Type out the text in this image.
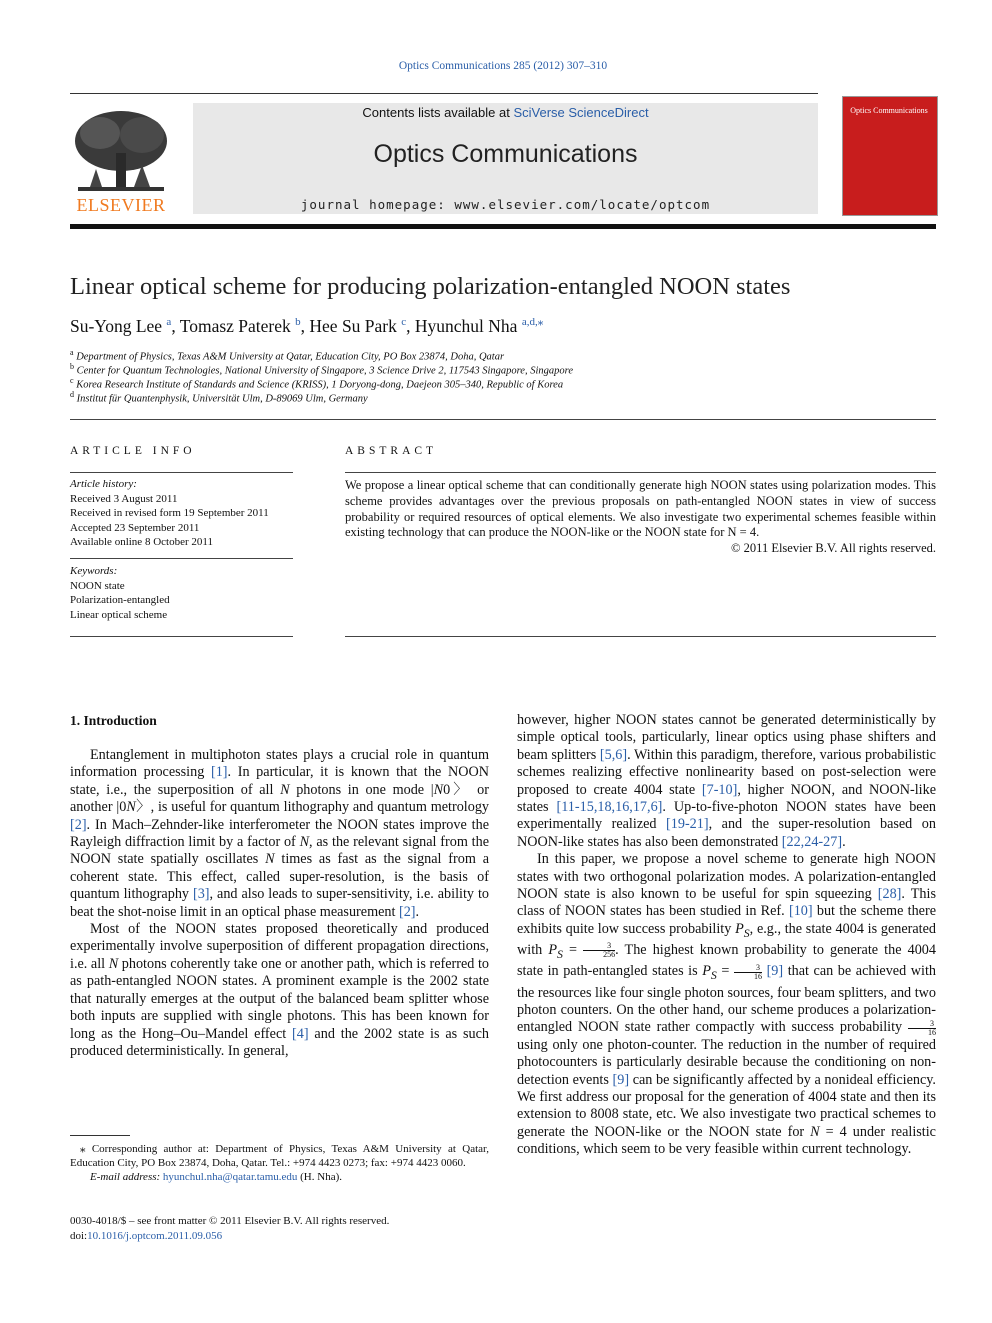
Optics Communications 285 (2012) 307–310
ELSEVIER
Contents lists available at SciVerse ScienceDirect
Optics Communications
journal homepage: www.elsevier.com/locate/optcom
Optics Communications
Linear optical scheme for producing polarization-entangled NOON states
Su-Yong Lee $^a$, Tomasz Paterek $^b$, Hee Su Park $^c$, Hyunchul Nha $^{a,d,⁎}$
$^a$ Department of Physics, Texas A&M University at Qatar, Education City, PO Box 23874, Doha, Qatar
$^b$ Center for Quantum Technologies, National University of Singapore, 3 Science Drive 2, 117543 Singapore, Singapore
$^c$ Korea Research Institute of Standards and Science (KRISS), 1 Doryong-dong, Daejeon 305–340, Republic of Korea
$^d$ Institut für Quantenphysik, Universität Ulm, D-89069 Ulm, Germany
ARTICLE INFO
Article history:
Received 3 August 2011
Received in revised form 19 September 2011
Accepted 23 September 2011
Available online 8 October 2011
Keywords:
NOON state
Polarization-entangled
Linear optical scheme
ABSTRACT
We propose a linear optical scheme that can conditionally generate high NOON states using polarization modes. This scheme provides advantages over the previous proposals on path-entangled NOON states in view of success probability or required resources of optical elements. We also investigate two experimental schemes feasible within existing technology that can produce the NOON-like or the NOON state for N = 4.
© 2011 Elsevier B.V. All rights reserved.
1. Introduction

Entanglement in multiphoton states plays a crucial role in quantum information processing [1]. In particular, it is known that the NOON state, i.e., the superposition of all N photons in one mode |N0〉 or another |0N〉, is useful for quantum lithography and quantum metrology [2]. In Mach–Zehnder-like interferometer the NOON states improve the Rayleigh diffraction limit by a factor of N, as the relevant signal from the NOON state spatially oscillates N times as fast as the signal from a coherent state. This effect, called super-resolution, is the basis of quantum lithography [3], and also leads to super-sensitivity, i.e. ability to beat the shot-noise limit in an optical phase measurement [2].

Most of the NOON states proposed theoretically and produced experimentally involve superposition of different propagation directions, i.e. all N photons coherently take one or another path, which is referred to as path-entangled NOON states. A prominent example is the 2002 state that naturally emerges at the output of the balanced beam splitter whose both inputs are supplied with single photons. This has been known for long as the Hong–Ou–Mandel effect [4] and the 2002 state is as such produced deterministically. In general,

however, higher NOON states cannot be generated deterministically by simple optical tools, particularly, linear optics using phase shifters and beam splitters [5,6]. Within this paradigm, therefore, various probabilistic schemes realizing effective nonlinearity based on post-selection were proposed to create 4004 state [7-10], higher NOON, and NOON-like states [11-15,18,16,17,6]. Up-to-five-photon NOON states have been experimentally realized [19-21], and the super-resolution based on NOON-like states has also been demonstrated [22,24-27].

In this paper, we propose a novel scheme to generate high NOON states with two orthogonal polarization modes. A polarization-entangled NOON state is also known to be useful for spin squeezing [28]. This class of NOON states has been studied in Ref. [10] but the scheme there exhibits quite low success probability $P_S$, e.g., the state 4004 is generated with $P_S = \frac{3}{256}$ . The highest known probability to generate the 4004 state in path-entangled states is $P_S = \frac{3}{16} [9]$ that can be achieved with the resources like four single photon sources, four beam splitters, and two photon counters. On the other hand, our scheme produces a polarization-entangled NOON state rather compactly with success probability $\frac{3}{16}$
using only one photon-counter. The reduction in the number of required photocounters is particularly desirable because the conditioning on non-detection events [9] can be significantly affected by a nonideal efficiency. We first address our proposal for the generation of 4004 state and then its extension to 8008 state, etc. We also investigate two practical schemes to generate the NOON-like or the NOON state for N = 4 under realistic conditions, which seem to be very feasible within current technology.

⁎ Corresponding author at: Department of Physics, Texas A&M University at Qatar, Education City, PO Box 23874, Doha, Qatar. Tel.: +974 4423 0273; fax: +974 4423 0060.
E-mail address: hyunchul.nha@qatar.tamu.edu (H. Nha).
0030-4018/$ – see front matter © 2011 Elsevier B.V. All rights reserved.
doi:10.1016/j.optcom.2011.09.056
